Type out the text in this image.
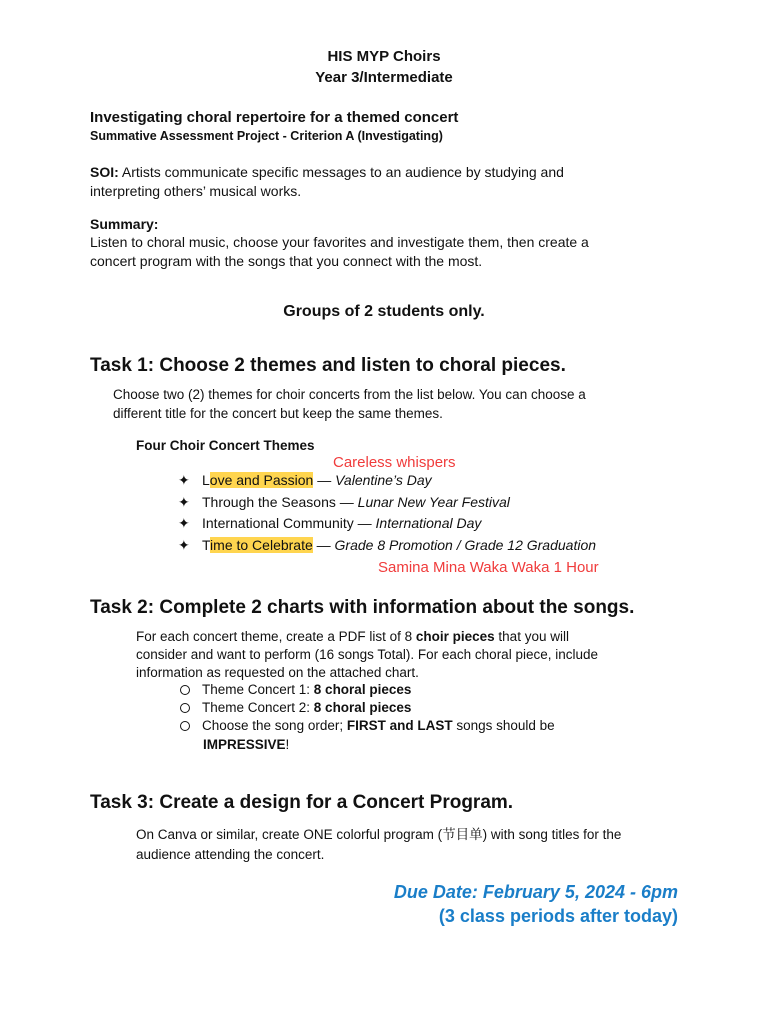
HIS MYP Choirs
Year 3/Intermediate
Investigating choral repertoire for a themed concert
Summative Assessment Project - Criterion A (Investigating)
SOI: Artists communicate specific messages to an audience by studying and
interpreting others’ musical works.
Summary:
Listen to choral music, choose your favorites and investigate them, then create a
concert program with the songs that you connect with the most.
Groups of 2 students only.
Task 1: Choose 2 themes and listen to choral pieces.
Choose two (2) themes for choir concerts from the list below. You can choose a
different title for the concert but keep the same themes.
Four Choir Concert Themes
Careless whispers
✦ Love and Passion — Valentine’s Day
✦ Through the Seasons — Lunar New Year Festival
✦ International Community — International Day
✦ Time to Celebrate — Grade 8 Promotion / Grade 12 Graduation
Samina Mina Waka Waka 1 Hour
Task 2: Complete 2 charts with information about the songs.
For each concert theme, create a PDF list of 8 choir pieces that you will
consider and want to perform (16 songs Total). For each choral piece, include
information as requested on the attached chart.
Theme Concert 1: 8 choral pieces
Theme Concert 2: 8 choral pieces
Choose the song order; FIRST and LAST songs should be
IMPRESSIVE!
Task 3: Create a design for a Concert Program.
On Canva or similar, create ONE colorful program (节目单) with song titles for the
audience attending the concert.
Due Date: February 5, 2024 - 6pm
(3 class periods after today)
